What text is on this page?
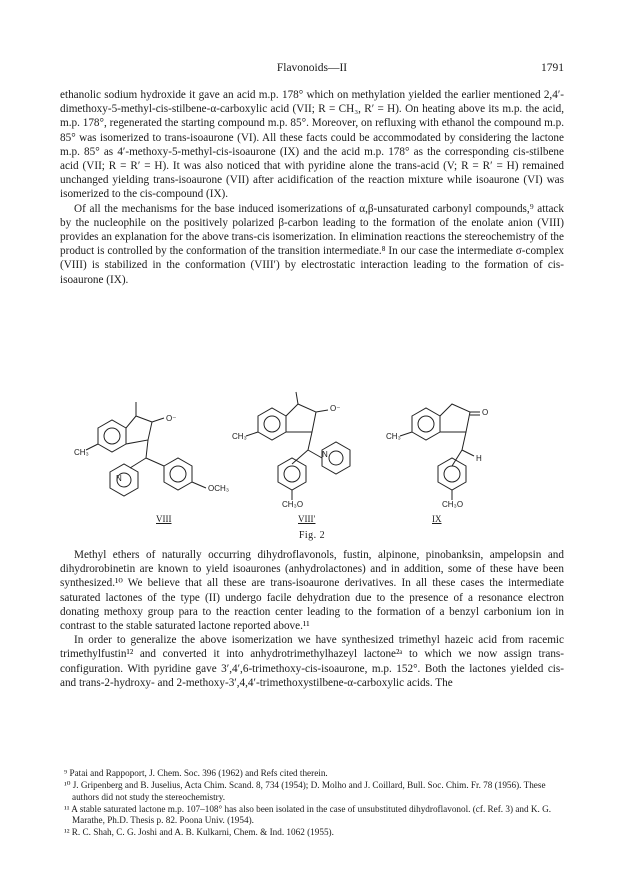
Flavonoids—II	1791

ethanolic sodium hydroxide it gave an acid m.p. 178° which on methylation yielded the earlier mentioned 2,4′-dimethoxy-5-methyl-cis-stilbene-α-carboxylic acid (VII; R = CH₃, R′ = H). On heating above its m.p. the acid, m.p. 178°, regenerated the starting compound m.p. 85°. Moreover, on refluxing with ethanol the compound m.p. 85° was isomerized to trans-isoaurone (VI). All these facts could be accommodated by considering the lactone m.p. 85° as 4′-methoxy-5-methyl-cis-isoaurone (IX) and the acid m.p. 178° as the corresponding cis-stilbene acid (VII; R = R′ = H). It was also noticed that with pyridine alone the trans-acid (V; R = R′ = H) remained unchanged yielding trans-isoaurone (VII) after acidification of the reaction mixture while isoaurone (VI) was isomerized to the cis-compound (IX).

Of all the mechanisms for the base induced isomerizations of α,β-unsaturated carbonyl compounds,⁹ attack by the nucleophile on the positively polarized β-carbon leading to the formation of the enolate anion (VIII) provides an explanation for the above trans-cis isomerization. In elimination reactions the stereochemistry of the product is controlled by the conformation of the transition intermediate.⁸ In our case the intermediate σ-complex (VIII) is stabilized in the conformation (VIII′) by electrostatic interaction leading to the formation of cis-isoaurone (IX).

CH₃
O⁻
N
OCH₃
CH₃
O⁻
N
CH₃O
CH₃
O
H
CH₃O
VIII	VIII′	IX
Fig. 2

Methyl ethers of naturally occurring dihydroflavonols, fustin, alpinone, pinobanksin, ampelopsin and dihydrorobinetin are known to yield isoaurones (anhydrolactones) and in addition, some of these have been synthesized.¹⁰ We believe that all these are trans-isoaurone derivatives. In all these cases the intermediate saturated lactones of the type (II) undergo facile dehydration due to the presence of a resonance electron donating methoxy group para to the reaction center leading to the formation of a benzyl carbonium ion in contrast to the stable saturated lactone reported above.¹¹

In order to generalize the above isomerization we have synthesized trimethyl hazeic acid from racemic trimethylfustin¹² and converted it into anhydrotrimethylhazeyl lactone²ᵃ to which we now assign trans-configuration. With pyridine gave 3′,4′,6-trimethoxy-cis-isoaurone, m.p. 152°. Both the lactones yielded cis- and trans-2-hydroxy- and 2-methoxy-3′,4,4′-trimethoxystilbene-α-carboxylic acids. The

⁹ Patai and Rappoport, J. Chem. Soc. 396 (1962) and Refs cited therein.

¹⁰ J. Gripenberg and B. Juselius, Acta Chim. Scand. 8, 734 (1954); D. Molho and J. Coillard, Bull. Soc. Chim. Fr. 78 (1956). These authors did not study the stereochemistry.

¹¹ A stable saturated lactone m.p. 107–108° has also been isolated in the case of unsubstituted dihydroflavonol. (cf. Ref. 3) and K. G. Marathe, Ph.D. Thesis p. 82. Poona Univ. (1954).

¹² R. C. Shah, C. G. Joshi and A. B. Kulkarni, Chem. & Ind. 1062 (1955).
